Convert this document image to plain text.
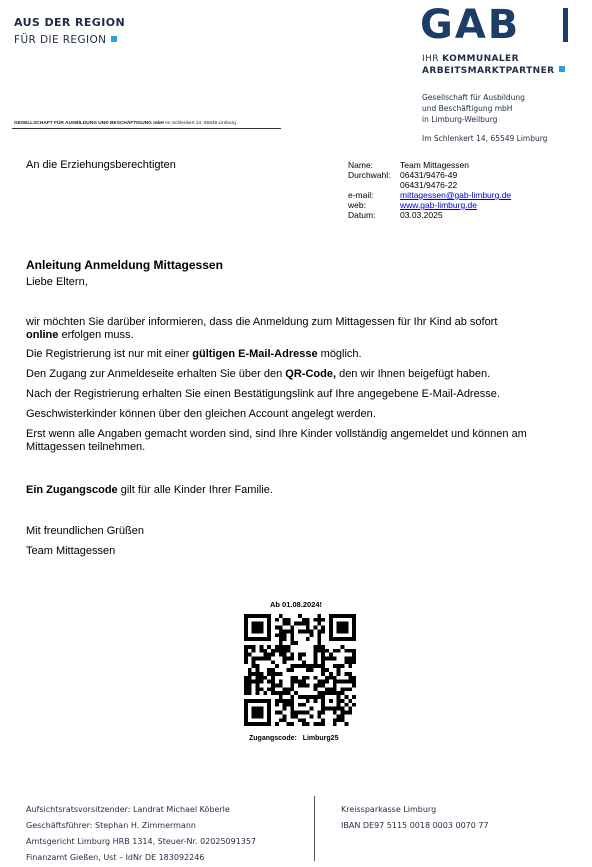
AUS DER REGION
FÜR DIE REGION	GAB
IHR KOMMUNALER
ARBEITSMARKTPARTNER
Gesellschaft für Ausbildung
und Beschäftigung mbH
in Limburg-Weilburg
Im Schlenkert 14, 65549 Limburg
GESELLSCHAFT FÜR AUSBILDUNG UND BESCHÄFTIGUNG mbH Im Schlenkert 14, 65549 Limburg
An die Erziehungsberechtigten	Name:	Team Mittagessen
Durchwahl:	06431/9476-49
06431/9476-22
e-mail:	mittagessen@gab-limburg.de
web:	www.gab-limburg.de
Datum:	03.03.2025

Anleitung Anmeldung Mittagessen

Liebe Eltern,

wir möchten Sie darüber informieren, dass die Anmeldung zum Mittagessen für Ihr Kind ab sofort
online erfolgen muss.

Die Registrierung ist nur mit einer gültigen E-Mail-Adresse möglich.

Den Zugang zur Anmeldeseite erhalten Sie über den QR-Code, den wir Ihnen beigefügt haben.

Nach der Registrierung erhalten Sie einen Bestätigungslink auf Ihre angegebene E-Mail-Adresse.

Geschwisterkinder können über den gleichen Account angelegt werden.

Erst wenn alle Angaben gemacht worden sind, sind Ihre Kinder vollständig angemeldet und können am Mittagessen teilnehmen.

Ein Zugangscode gilt für alle Kinder Ihrer Familie.

Mit freundlichen Grüßen

Team Mittagessen

Ab 01.08.2024!
Zugangscode: Limburg25
Aufsichtsratsvorsitzender: Landrat Michael Köberle
Geschäftsführer: Stephan H. Zimmermann
Amtsgericht Limburg HRB 1314, Steuer-Nr. 02025091357
Finanzamt Gießen, Ust – IdNr DE 183092246
Kreissparkasse Limburg
IBAN DE97 5115 0018 0003 0070 77
